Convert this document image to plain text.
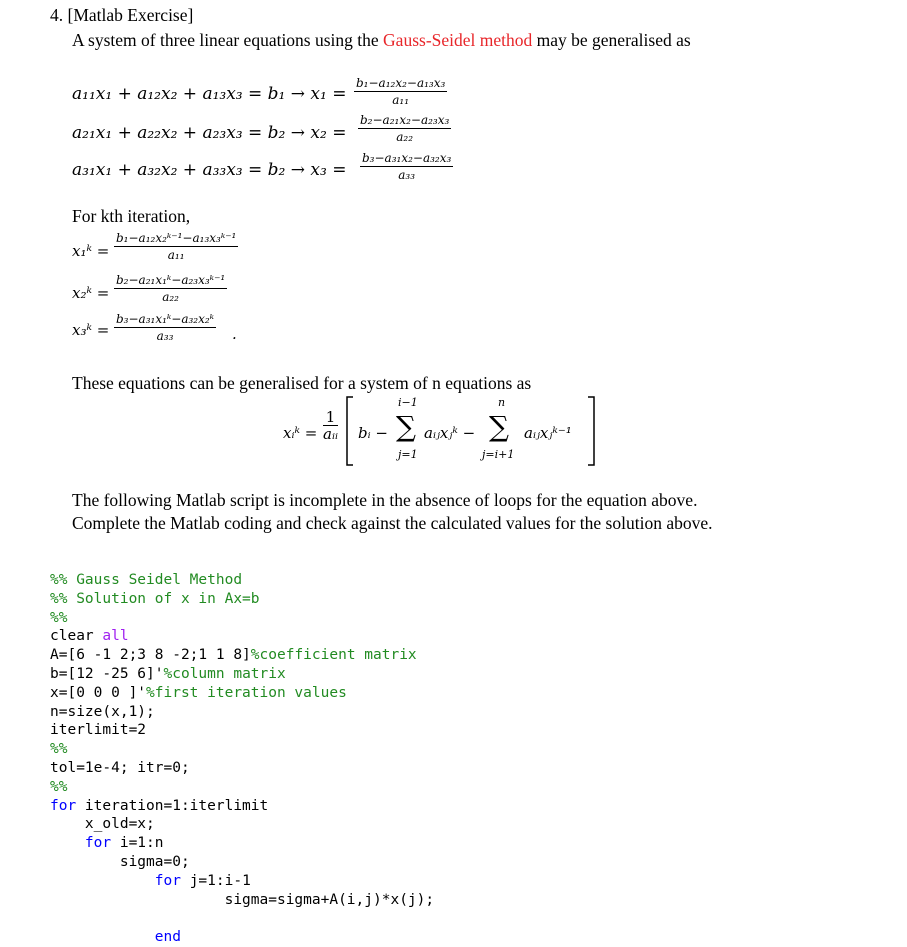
4. [Matlab Exercise]
A system of three linear equations using the Gauss-Seidel method may be generalised as
$a_{11}x_1 + a_{12}x_2 + a_{13}x_3 = b_1 \to x_1 = \frac{\text{b₁−a₁₂x₂−a₁₃x₃}}{\text{a₁₁}}$
$a_{21}x_1 + a_{22}x_2 + a_{23}x_3 = b_2 \to x_2 = \frac{\text{b₂−a₂₁x₂−a₂₃x₃}}{\text{a₂₂}}$
$a_{31}x_1 + a_{32}x_2 + a_{33}x_3 = b_2 \to x_3 = \frac{\text{b₃−a₃₁x₂−a₃₂x₃}}{\text{a₃₃}}$
For kth iteration,
x₁ᵏ = $\frac{\text{b₁−a₁₂x₂ᵏ⁻¹−a₁₃x₃ᵏ⁻¹}}{\text{a₁₁}}$
x₂ᵏ = $\frac{\text{b₂−a₂₁x₁ᵏ−a₂₃x₃ᵏ⁻¹}}{\text{a₂₂}}$
x₃ᵏ = $\frac{\text{b₃−a₃₁x₁ᵏ−a₃₂x₂ᵏ}}{\text{a₃₃}}$ .
These equations can be generalised for a system of n equations as
xᵢᵏ =
1
aᵢᵢ bᵢ −
i−1
∑
j=1
aᵢⱼxⱼᵏ −
n
∑
j=i+1
aᵢⱼxⱼᵏ⁻¹
The following Matlab script is incomplete in the absence of loops for the equation above.
Complete the Matlab coding and check against the calculated values for the solution above.
%% Gauss Seidel Method
%% Solution of x in Ax=b
%%
clear all
A=[6 -1 2;3 8 -2;1 1 8]%coefficient matrix
b=[12 -25 6]'%column matrix
x=[0 0 0 ]'%first iteration values
n=size(x,1);
iterlimit=2
%%
tol=1e-4; itr=0;
%%
for iteration=1:iterlimit
x_old=x;
for i=1:n
sigma=0;
for j=1:i-1
sigma=sigma+A(i,j)*x(j);
end
